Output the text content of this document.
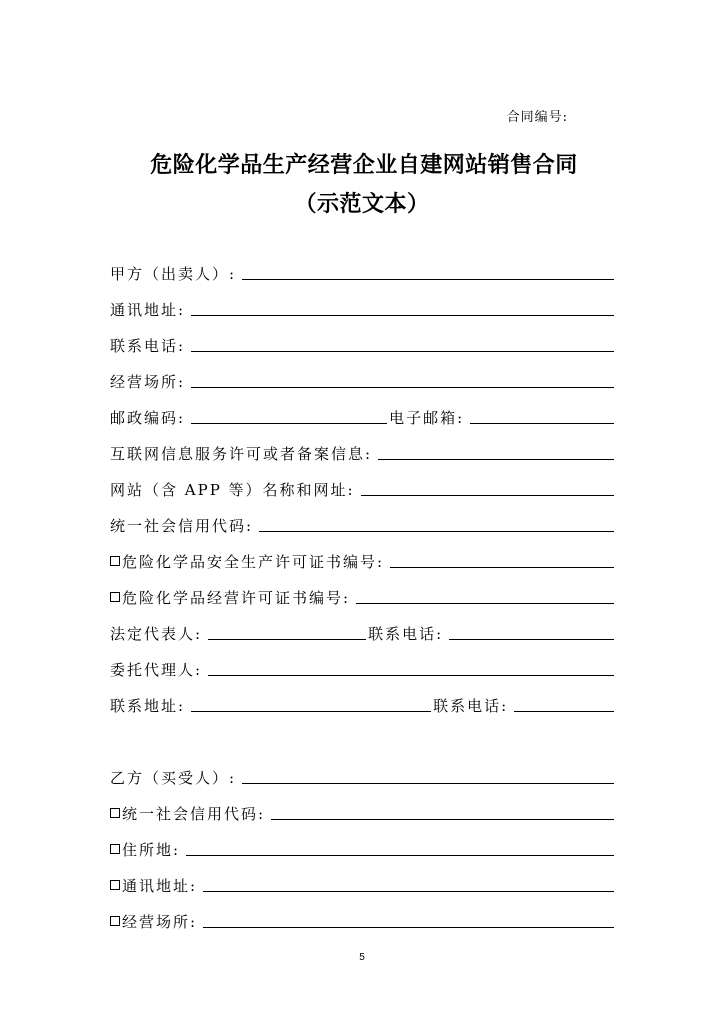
合同编号:
危险化学品生产经营企业自建网站销售合同
（示范文本）
甲方（出卖人）:
通讯地址:
联系电话:
经营场所:
邮政编码:	电子邮箱:
互联网信息服务许可或者备案信息:
网站（含 APP 等）名称和网址:
统一社会信用代码:
危险化学品安全生产许可证书编号:
危险化学品经营许可证书编号:
法定代表人:	联系电话:
委托代理人:
联系地址:	联系电话:
乙方（买受人）:
统一社会信用代码:
住所地:
通讯地址:
经营场所:
5
